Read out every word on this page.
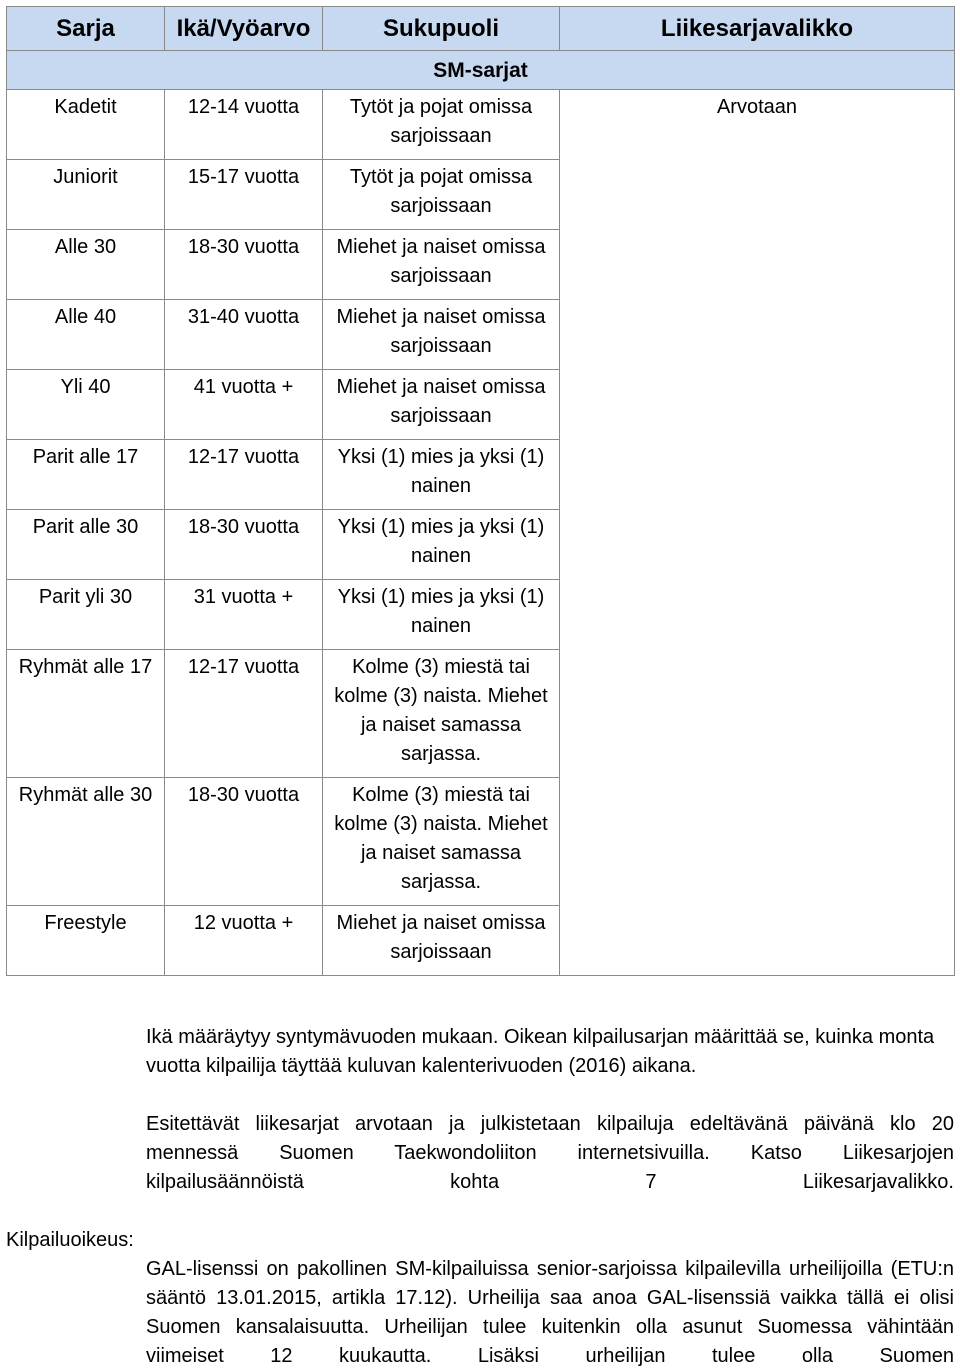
Sarja	Ikä/Vyöarvo	Sukupuoli	Liikesarjavalikko
SM-sarjat			
Kadetit	12-14 vuotta	Tytöt ja pojat omissa sarjoissaan	Arvotaan
Juniorit	15-17 vuotta	Tytöt ja pojat omissa sarjoissaan	
Alle 30	18-30 vuotta	Miehet ja naiset omissa sarjoissaan	
Alle 40	31-40 vuotta	Miehet ja naiset omissa sarjoissaan	
Yli 40	41 vuotta +	Miehet ja naiset omissa sarjoissaan	
Parit alle 17	12-17 vuotta	Yksi (1) mies ja yksi (1) nainen	
Parit alle 30	18-30 vuotta	Yksi (1) mies ja yksi (1) nainen	
Parit yli 30	31 vuotta +	Yksi (1) mies ja yksi (1) nainen	
Ryhmät alle 17	12-17 vuotta	Kolme (3) miestä tai kolme (3) naista. Miehet ja naiset samassa sarjassa.	
Ryhmät alle 30	18-30 vuotta	Kolme (3) miestä tai kolme (3) naista. Miehet ja naiset samassa sarjassa.	
Freestyle	12 vuotta +	Miehet ja naiset omissa sarjoissaan	

Ikä määräytyy syntymävuoden mukaan. Oikean kilpailusarjan määrittää se, kuinka monta vuotta kilpailija täyttää kuluvan kalenterivuoden (2016) aikana.

Esitettävät liikesarjat arvotaan ja julkistetaan kilpailuja edeltävänä päivänä klo 20 mennessä Suomen Taekwondoliiton internetsivuilla. Katso Liikesarjojen
kilpailusäännöistä kohta 7 Liikesarjavalikko.

Kilpailuoikeus:

GAL-lisenssi on pakollinen SM-kilpailuissa senior-sarjoissa kilpailevilla urheilijoilla (ETU:n sääntö 13.01.2015, artikla 17.12). Urheilija saa anoa GAL-lisenssiä vaikka tällä ei olisi Suomen kansalaisuutta. Urheilijan tulee kuitenkin olla asunut Suomessa vähintään viimeiset 12 kuukautta. Lisäksi urheilijan tulee olla Suomen
